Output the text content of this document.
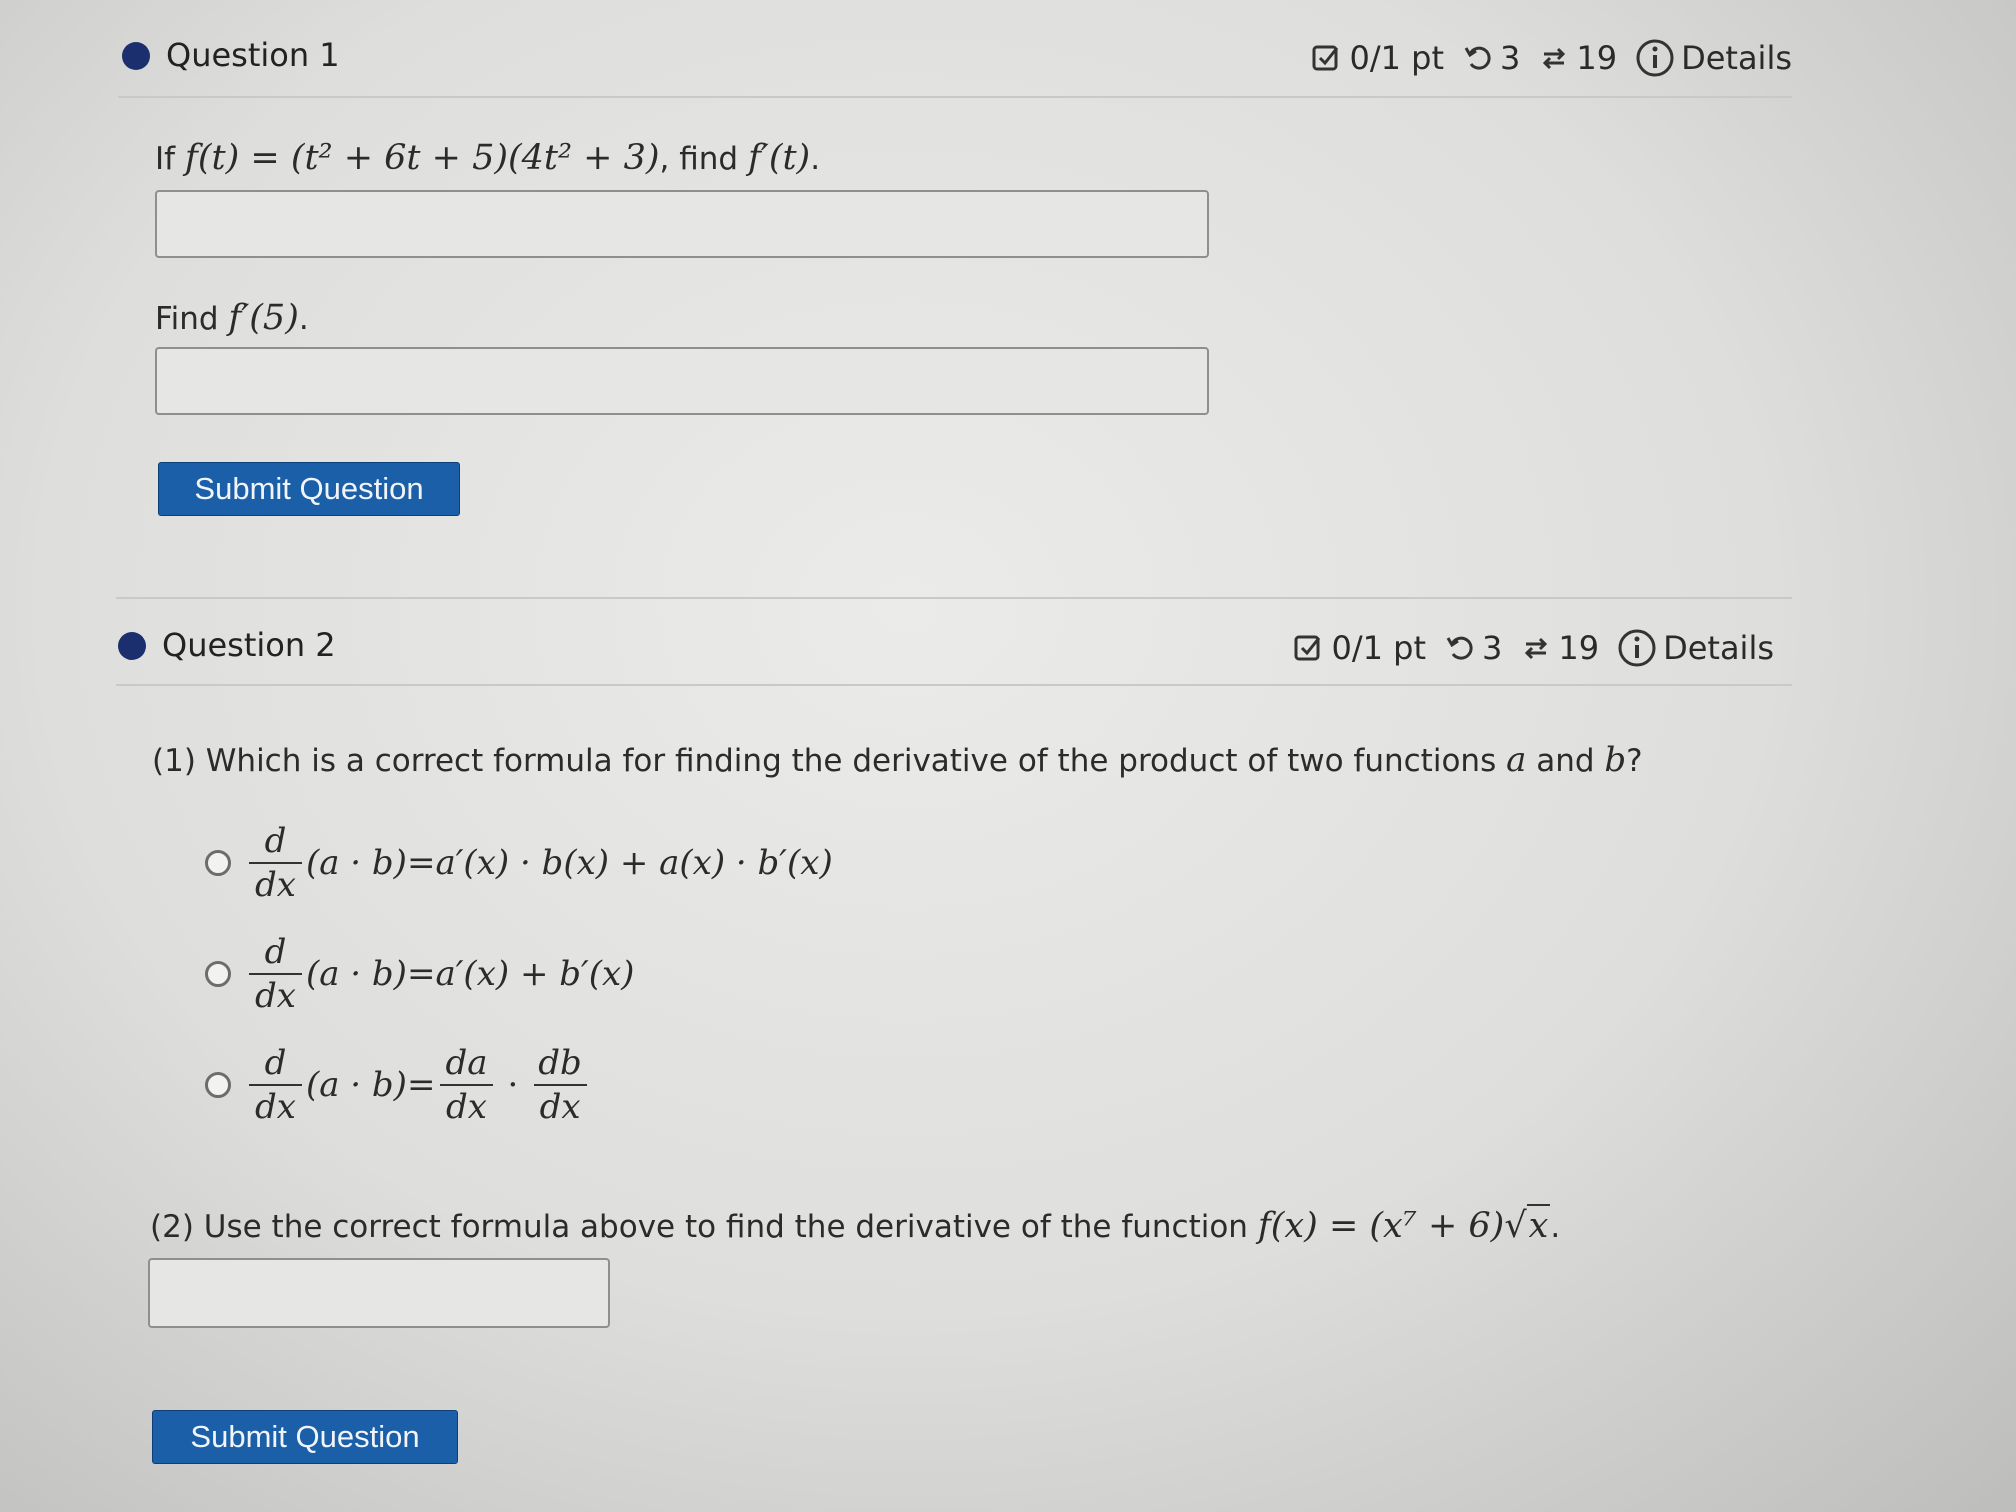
Question 1	0/1 pt 3 19 Details
If f(t) = (t² + 6t + 5)(4t² + 3), find f′(t).
Find f′(5).
Submit Question
Question 2	0/1 pt 3 19 Details
(1) Which is a correct formula for finding the derivative of the product of two functions a and b?
$\frac{d}{dx} (a \cdot b)= a'(x) \cdot b(x) + a(x) \cdot b'(x)$
$\frac{d}{dx} (a \cdot b)= a'(x) + b'(x)$
$\frac{d}{dx} (a \cdot b)= \frac{da}{dx} \cdot \frac{db}{dx}$
(2) Use the correct formula above to find the derivative of the function f(x) = (x⁷ + 6)√x.
Submit Question
